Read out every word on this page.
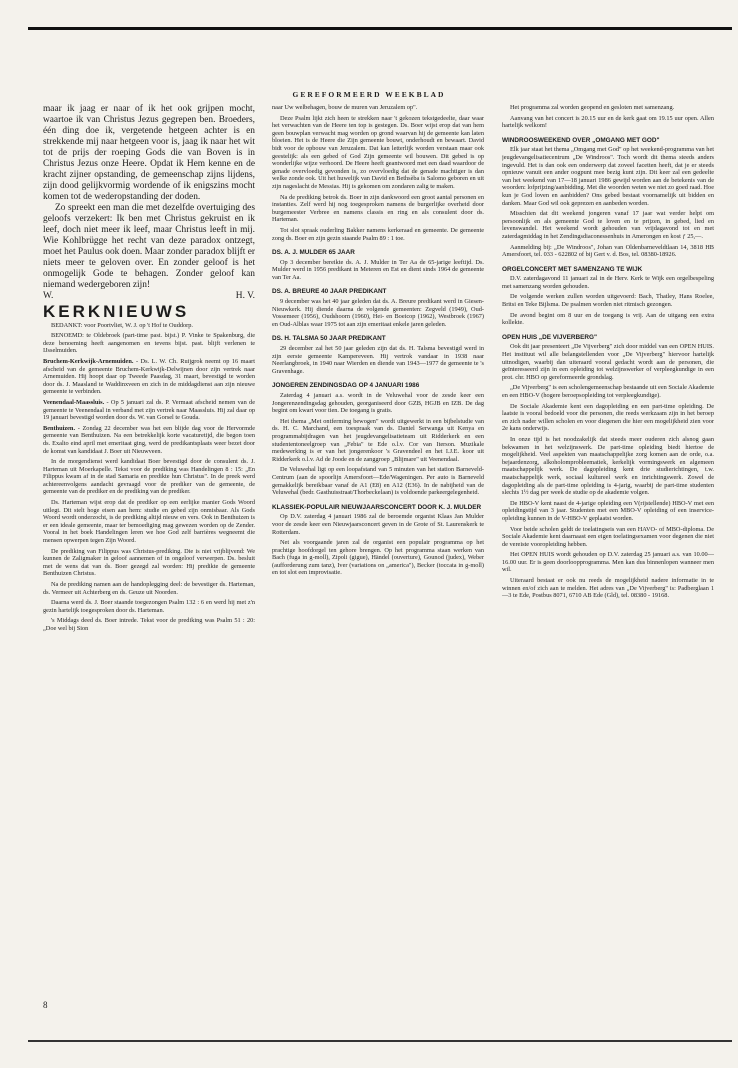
GEREFORMEERD WEEKBLAD

maar ik jaag er naar of ik het ook grijpen mocht, waartoe ik van Christus Jezus gegrepen ben. Broeders, één ding doe ik, vergetende hetgeen achter is en strekkende mij naar hetgeen voor is, jaag ik naar het wit tot de prijs der roeping Gods die van Boven is in Christus Jezus onze Heere. Opdat ik Hem kenne en de kracht zijner opstanding, de gemeenschap zijns lijdens, zijn dood gelijkvormig wordende of ik enigszins mocht komen tot de wederopstanding der doden.

Zo spreekt een man die met dezelfde overtuiging des geloofs verzekert: Ik ben met Christus gekruist en ik leef, doch niet meer ik leef, maar Christus leeft in mij. Wie Kohlbrügge het recht van deze paradox ontzegt, moet het Paulus ook doen. Maar zonder paradox blijft er niets meer te geloven over. En zonder geloof is het onmogelijk Gode te behagen. Zonder geloof kan niemand wedergeboren zijn!

W.	H. V.
KERKNIEUWS

BEDANKT: voor Poortvliet, W. J. op 't Hof te Ouddorp.

BENOEMD: te Oldebroek (part-time past. bijst.) P. Vinke te Spakenburg, die deze benoeming heeft aangenomen en tevens bijst. past. blijft verlenen te IJsselmuiden.

Bruchem-Kerkwijk-Arnemuiden. - Ds. L. W. Ch. Ruijgrok neemt op 16 maart afscheid van de gemeente Bruchem-Kerkwijk-Delwijnen door zijn vertrek naar Arnemuiden. Hij hoopt daar op Tweede Paasdag, 31 maart, bevestigd te worden door ds. J. Maasland te Waddinxveen en zich in de middagdienst aan zijn nieuwe gemeente te verbinden.

Veenendaal-Maassluis. - Op 5 januari zal ds. P. Vermaat afscheid nemen van de gemeente te Veenendaal in verband met zijn vertrek naar Maassluis. Hij zal daar op 19 januari bevestigd worden door ds. W. van Gorsel te Gouda.

Benthuizen. - Zondag 22 december was het een blijde dag voor de Hervormde gemeente van Benthuizen. Na een betrekkelijk korte vacaturetijd, die begon toen ds. Exalto eind april met emeritaat ging, werd de predikantsplaats weer bezet door de komst van kandidaat J. Boer uit Nieuwveen.

In de morgendienst werd kandidaat Boer bevestigd door de consulent ds. J. Harteman uit Moerkapelle. Tekst voor de prediking was Handelingen 8 : 15: „En Filippus kwam af in de stad Samaria en predikte hun Christus". In de preek werd achtereenvolgens aandacht gevraagd voor de prediker van de gemeente, de gemeente van de prediker en de prediking van de prediker.

Ds. Harteman wijst erop dat de prediker op een eerlijke manier Gods Woord uitlegt. Dit stelt hoge eisen aan hem: studie en gebed zijn onmisbaar. Als Gods Woord wordt onderzocht, is de prediking altijd nieuw en vers. Ook in Benthuizen is er een ideale gemeente, maar ter bemoediging mag gewezen worden op de Zender. Vooral in het boek Handelingen leren we hoe God zelf barrières wegneemt die mensen opwerpen tegen Zijn Woord.

De prediking van Filippus was Christus-prediking. Die is niet vrijblijvend: We kunnen de Zaligmaker in geloof aannemen of in ongeloof verwerpen. Ds. besluit met de wens dat van ds. Boer gezegd zal worden: Hij predikte de gemeente Benthuizen Christus.

Na de prediking namen aan de handoplegging deel: de bevestiger ds. Harteman, ds. Vermeer uit Achterberg en ds. Geuze uit Noorden.

Daarna werd ds. J. Boer staande toegezongen Psalm 132 : 6 en werd hij met z'n gezin hartelijk toegesproken door ds. Harteman.

's Middags deed ds. Boer intrede. Tekst voor de prediking was Psalm 51 : 20: „Doe wel bij Sion

naar Uw welbehagen, bouw de muren van Jeruzalem op".

Deze Psalm lijkt zich heen te strekken naar 't gekozen tekstgedeelte, daar waar het verwachten van de Heere ten top is gestegen. Ds. Boer wijst erop dat van hem geen bouwplan verwacht mag worden op grond waarvan hij de gemeente kan laten bloeien. Het is de Heere die Zijn gemeente bouwt, onderhoudt en bewaart. David bidt voor de opbouw van Jeruzalem. Dat kan letterlijk worden verstaan maar ook geestelijk: als een gebed of God Zijn gemeente wil bouwen. Dit gebed is op wonderlijke wijze verhoord. De Heere heeft geantwoord met een daad waardoor de genade overvloedig gevonden is, zo overvloedig dat de genade machtiger is dan welke zonde ook. Uit het huwelijk van David en Bethsèba is Salomo geboren en uit zijn nageslacht de Messias. Hij is gekomen om zondaren zalig te maken.

Na de prediking betrok ds. Boer in zijn dankwoord een groot aantal personen en instanties. Zelf werd hij nog toegesproken namens de burgerlijke overheid door burgemeester Verbree en namens classis en ring en als consulent door ds. Harteman.

Tot slot spraak ouderling Bakker namens kerkeraad en gemeente. De gemeente zong ds. Boer en zijn gezin staande Psalm 89 : 1 toe.

DS. A. J. MULDER 65 JAAR

Op 3 december bereikte ds. A. J. Mulder in Ter Aa de 65-jarige leeftijd. Ds. Mulder werd in 1956 predikant in Meteren en Est en dient sinds 1964 de gemeente van Ter Aa.

DS. A. BREURE 40 JAAR PREDIKANT

9 december was het 40 jaar geleden dat ds. A. Breure predikant werd in Giesen-Nieuwkerk. Hij diende daarna de volgende gemeenten: Zegveld (1949), Oud-Vossemeer (1956), Oudshoorn (1960), Hei- en Boeicop (1962), Westbroek (1967) en Oud-Alblas waar 1975 tot aan zijn emeritaat enkele jaren geleden.

DS. H. TALSMA 50 JAAR PREDIKANT

29 december zal het 50 jaar geleden zijn dat ds. H. Talsma bevestigd werd in zijn eerste gemeente Kampereveen. Hij vertrok vandaar in 1938 naar Neerlangbroek, in 1940 naar Wierden en diende van 1943—1977 de gemeente te 's Gravenhage.

JONGEREN ZENDINGSDAG OP 4 JANUARI 1986

Zaterdag 4 januari a.s. wordt in de Veluwehal voor de zesde keer een Jongerenzendingsdag gehouden, georganiseerd door GZB, HGJB en IZB. De dag begint om kwart voor tien. De toegang is gratis.

Het thema „Met ontferming bewogen" wordt uitgewerkt in een bijbelstudie van ds. H. C. Marchand, een toespraak van ds. Daniel Serwanga uit Kenya en programmabijdragen van het jeugdevangelisatieteam uit Ridderkerk en een studententoneelgroep van „Febia" te Ede o.l.v. Cor van Iterson. Muzikale medewerking is er van het jongerenkoor 's Gravendeel en het I.J.E. koor uit Ridderkerk o.l.v. Ad de Joode en de zanggroep „Blijmare" uit Veenendaal.

De Veluwehal ligt op een loopafstand van 5 minuten van het station Barneveld-Centrum (aan de spoorlijn Amersfoort—Ede/Wageningen. Per auto is Barneveld gemakkelijk bereikbaar vanaf de A1 (E8) en A12 (E36). In de nabijheid van de Veluwehal (bedr. Gasthuisstraat/Thorbeckelaan) is voldoende parkeergelegenheid.

KLASSIEK-POPULAIR NIEUWJAARSCONCERT DOOR K. J. MULDER

Op D.V. zaterdag 4 januari 1986 zal de beroemde organist Klaas Jan Mulder voor de zesde keer een Nieuwjaarsconcert geven in de Grote of St. Laurenskerk te Rotterdam.

Net als voorgaande jaren zal de organist een populair programma op het prachtige hoofdorgel ten gehore brengen. Op het programma staan werken van Bach (fuga in g-moll), Zipoli (gigue), Händel (ouverture), Gounod (judex), Weber (aufforderung zum tanz), Iver (variations on „america"), Becker (toccata in g-moll) en tot slot een improvisatie.

Het programma zal worden geopend en gesloten met samenzang.

Aanvang van het concert is 20.15 uur en de kerk gaat om 19.15 uur open. Allen hartelijk welkom!

WINDROOSWEEKEND OVER „OMGANG MET GOD"

Elk jaar staat het thema „Omgang met God" op het weekend-programma van het jeugdevangelisatiecentrum „De Windroos". Toch wordt dit thema steeds anders ingevuld. Het is dan ook een onderwerp dat zoveel facetten heeft, dat je er steeds opnieuw vanuit een ander oogpunt mee bezig kunt zijn. Dit keer zal een gedeelte van het weekend van 17—18 januari 1986 gewijd worden aan de betekenis van de woorden: lofprijzing/aanbidding. Met die woorden weten we niet zo goed raad. Hoe kun je God loven en aanbidden? Ons gebed bestaat voornamelijk uit bidden en danken. Maar God wil ook geprezen en aanbeden worden.

Misschien dat dit weekend jongeren vanaf 17 jaar wat verder helpt om persoonlijk en als gemeente God te loven en te prijzen, in gebed, lied en levenswandel. Het weekend wordt gehouden van vrijdagavond tot en met zaterdagmiddag in het Zendingsdiaconessenhuis in Amerongen en kost ƒ 25,—.

Aanmelding bij: „De Windroos", Johan van Oldenbarneveldtlaan 14, 3818 HB Amersfoort, tel. 033 - 622802 of bij Gert v. d. Bos, tel. 08380-18926.

ORGELCONCERT MET SAMENZANG TE WIJK

D.V. zaterdagavond 11 januari zal in de Herv. Kerk te Wijk een orgelbespeling met samenzang worden gehouden.

De volgende werken zullen worden uitgevoerd: Bach, Thatley, Hans Roelee, Britsi en Teke Bijlsma. De psalmen worden niet ritmisch gezongen.

De avond begint om 8 uur en de toegang is vrij. Aan de uitgang een extra kollekte.

OPEN HUIS „DE VIJVERBERG"

Ook dit jaar presenteert „De Vijverberg" zich door middel van een OPEN HUIS. Het instituut wil alle belangstellenden voor „De Vijverberg" hiervoor hartelijk uitnodigen, waarbij dan uiteraard vooral gedacht wordt aan de personen, die geïnteresseerd zijn in een opleiding tot welzijnswerker of verpleegkundige in een prot. chr. HBO op gereformeerde grondslag.

„De Vijverberg" is een scholengemeenschap bestaande uit een Sociale Akademie en een HBO-V (hogere beroepsopleiding tot verpleegkundige).

De Sociale Akademie kent een dagopleiding en een part-time opleiding. De laatste is vooral bedoeld voor die personen, die reeds werkzaam zijn in het beroep en zich nader willen scholen en voor diegenen die hier een mogelijkheid zien voor 2e kans onderwijs.

In onze tijd is het noodzakelijk dat steeds meer ouderen zich alsnog gaan bekwamen in het welzijnswerk. De part-time opleiding biedt hiertoe de mogelijkheid. Veel aspekten van maatschappelijke zorg komen aan de orde, o.a. bejaardenzorg, alkoholomprobleematiek, kerkelijk vormingswerk en algemeen maatschappelijk werk. De dagopleiding kent drie studierichtingen, t.w. maatschappelijk werk, sociaal kultureel werk en inrichtingswerk. Zowel de dagopleiding als de part-time opleiding is 4-jarig, waarbij de part-time studenten slechts 1½ dag per week de studie op de akademie volgen.

De HBO-V kent naast de 4-jarige opleiding een V(rijstellende) HBO-V met een opleidingstijd van 3 jaar. Studenten met een MBO-V opleiding of een inservice-opleiding kunnen in de V-HBO-V geplaatst worden.

Voor beide scholen geldt de toelatingseis van een HAVO- of MBO-diploma. De Sociale Akademie kent daarnaast een eigen toelatingsexamen voor degenen die niet de vereiste vooropleiding hebben.

Het OPEN HUIS wordt gehouden op D.V. zaterdag 25 januari a.s. van 10.00—16.00 uur. Er is geen doorloopprogramma. Men kan dus binnenlopen wanneer men wil.

Uiteraard bestaat er ook nu reeds de mogelijkheid nadere informatie in te winnen en/of zich aan te melden. Het adres van „De Vijverberg" is: Padberglaan 1—3 te Ede, Postbus 8071, 6710 AB Ede (Gld), tel. 08380 - 19168.

8
